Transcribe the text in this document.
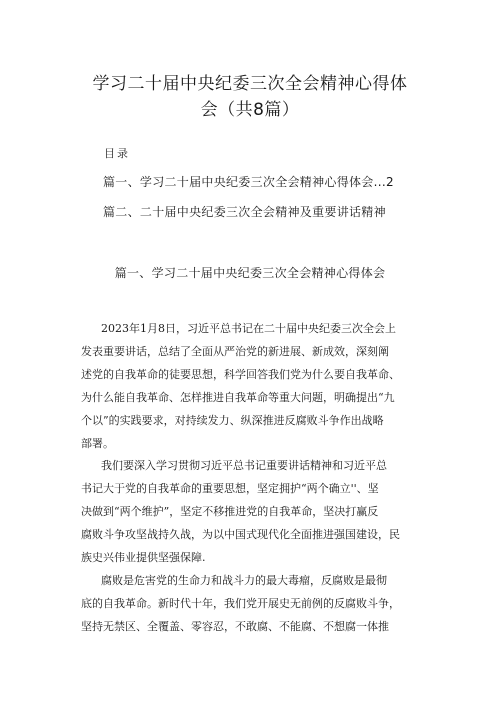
学习二十届中央纪委三次全会精神心得体
会（共8篇）
目录
篇一、学习二十届中央纪委三次全会精神心得体会...2
篇二、二十届中央纪委三次全会精神及重要讲话精神
篇一、学习二十届中央纪委三次全会精神心得体会
2023年1月8日，习近平总书记在二十届中央纪委三次全会上
发表重要讲话，总结了全面从严治党的新进展、新成效，深刻阐
述党的自我革命的徒要思想，科学回答我们党为什么要自我革命、
为什么能自我革命、怎样推进自我革命等重大问题，明确提出“九
个以”的实践要求，对持续发力、纵深推进反腐败斗争作出战略
部署。
我们要深入学习贯彻习近平总书记重要讲话精神和习近平总
书记大于党的自我革命的重要思想，坚定拥护“两个确立''、坚
决做到“两个维护”，坚定不移推进党的自我革命，坚决打赢反
腐败斗争攻坚战持久战，为以中国式现代化全面推进强国建设，民
族史兴伟业提供坚强保障.
腐败是危害党的生命力和战斗力的最大毒瘤，反腐败是最彻
底的自我革命。新时代十年，我们党开展史无前例的反腐败斗争，
坚持无禁区、全覆盖、零容忍，不敢腐、不能腐、不想腐一体推
